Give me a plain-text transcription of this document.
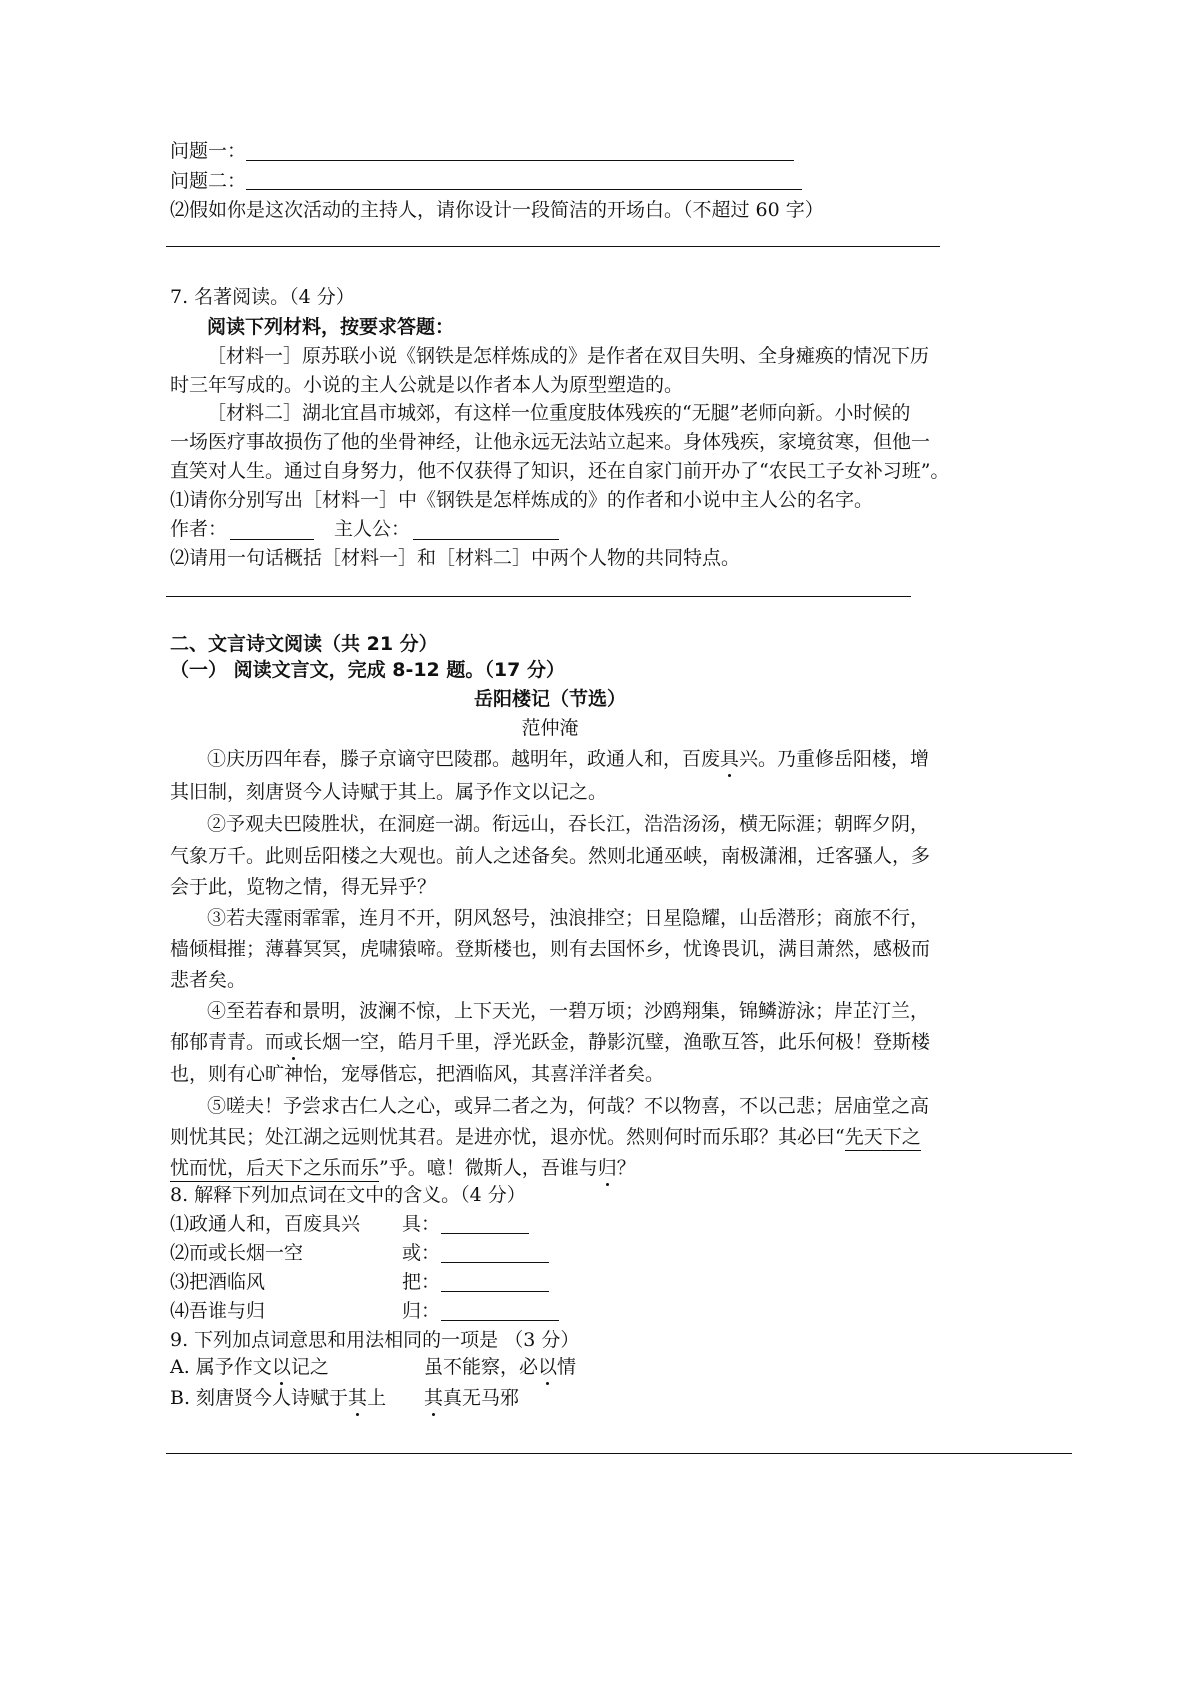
问题一：
问题二：
⑵假如你是这次活动的主持人，请你设计一段简洁的开场白。（不超过 60 字）
7. 名著阅读。（4 分）
阅读下列材料，按要求答题：
［材料一］原苏联小说《钢铁是怎样炼成的》是作者在双目失明、全身瘫痪的情况下历
时三年写成的。小说的主人公就是以作者本人为原型塑造的。
［材料二］湖北宜昌市城郊，有这样一位重度肢体残疾的“无腿”老师向新。小时候的
一场医疗事故损伤了他的坐骨神经，让他永远无法站立起来。身体残疾，家境贫寒，但他一
直笑对人生。通过自身努力，他不仅获得了知识，还在自家门前开办了“农民工子女补习班”。
⑴请你分别写出［材料一］中《钢铁是怎样炼成的》的作者和小说中主人公的名字。
作者：	主人公：
⑵请用一句话概括［材料一］和［材料二］中两个人物的共同特点。
二、文言诗文阅读（共 21 分）
（一） 阅读文言文，完成 8-12 题。（17 分）
岳阳楼记（节选）
范仲淹
①庆历四年春，滕子京谪守巴陵郡。越明年，政通人和，百废具兴。乃重修岳阳楼，增
其旧制，刻唐贤今人诗赋于其上。属予作文以记之。
②予观夫巴陵胜状，在洞庭一湖。衔远山，吞长江，浩浩汤汤，横无际涯；朝晖夕阴，
气象万千。此则岳阳楼之大观也。前人之述备矣。然则北通巫峡，南极潇湘，迁客骚人，多
会于此，览物之情，得无异乎？
③若夫霪雨霏霏，连月不开，阴风怒号，浊浪排空；日星隐耀，山岳潜形；商旅不行，
樯倾楫摧；薄暮冥冥，虎啸猿啼。登斯楼也，则有去国怀乡，忧谗畏讥，满目萧然，感极而
悲者矣。
④至若春和景明，波澜不惊，上下天光，一碧万顷；沙鸥翔集，锦鳞游泳；岸芷汀兰，
郁郁青青。而或长烟一空，皓月千里，浮光跃金，静影沉璧，渔歌互答，此乐何极！登斯楼
也，则有心旷神怡，宠辱偕忘，把酒临风，其喜洋洋者矣。
⑤嗟夫！予尝求古仁人之心，或异二者之为，何哉？不以物喜，不以己悲；居庙堂之高
则忧其民；处江湖之远则忧其君。是进亦忧，退亦忧。然则何时而乐耶？其必曰“先天下之
忧而忧，后天下之乐而乐”乎。噫！微斯人，吾谁与归？
8. 解释下列加点词在文中的含义。（4 分）
⑴政通人和，百废具兴 具：
⑵而或长烟一空	或：
⑶把酒临风	把：
⑷吾谁与归	归：
9. 下列加点词意思和用法相同的一项是 （3 分）
A. 属予作文以记之	虽不能察，必以情
B. 刻唐贤今人诗赋于其上 其真无马邪
